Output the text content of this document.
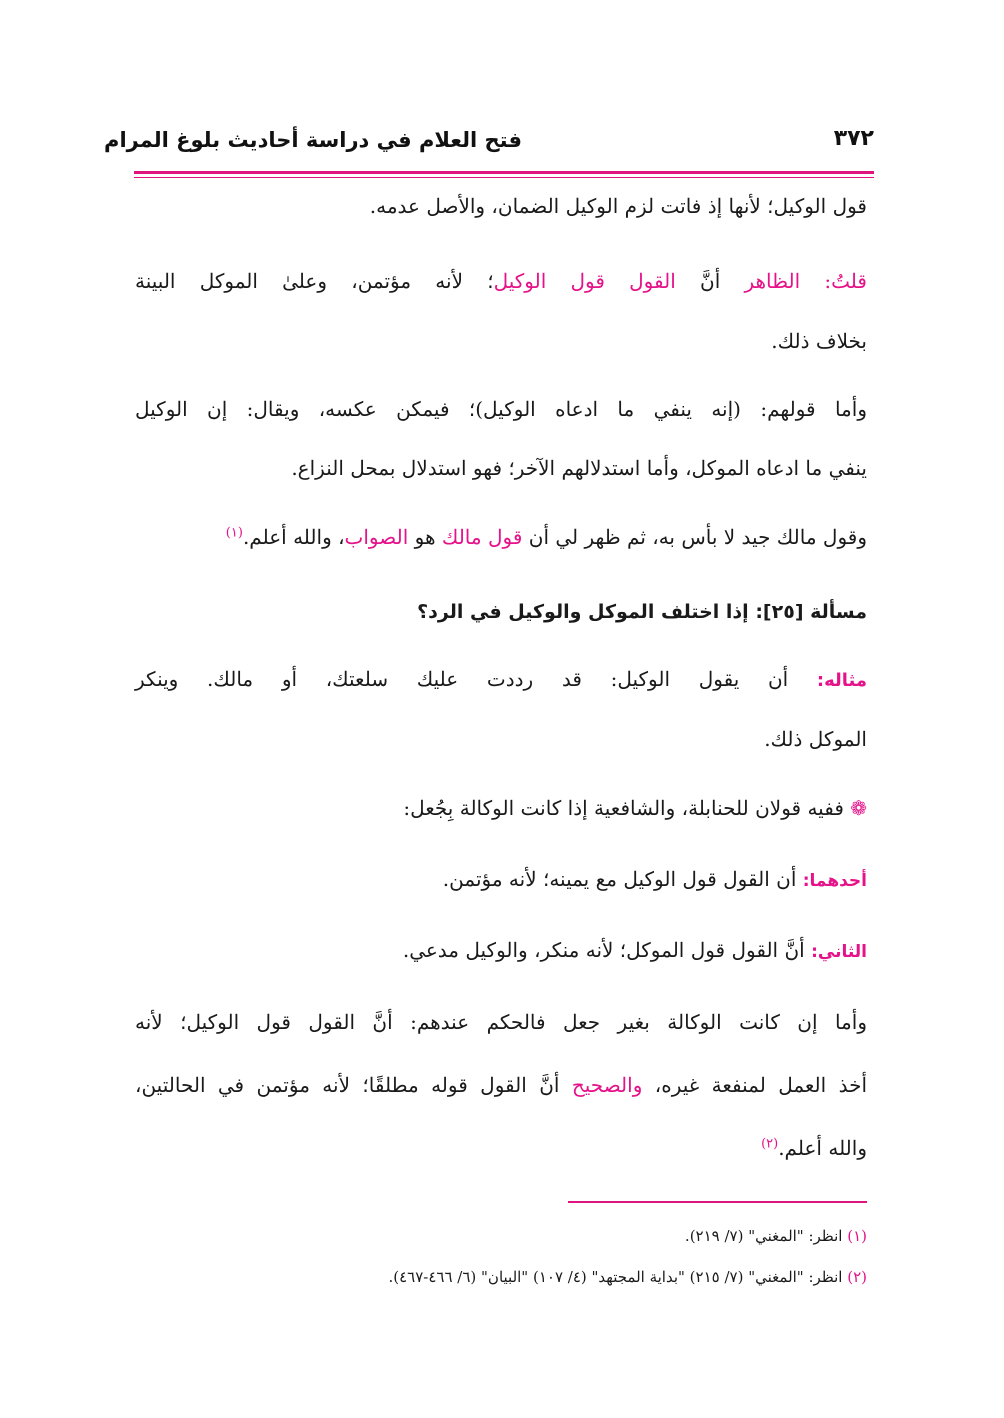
٣٧٢
فتح العلام في دراسة أحاديث بلوغ المرام
قول الوكيل؛ لأنها إذ فاتت لزم الوكيل الضمان، والأصل عدمه.
قلتُ: الظاهر أنَّ القول قول الوكيل؛ لأنه مؤتمن، وعلىٰ الموكل البينة
بخلاف ذلك.
وأما قولهم: (إنه ينفي ما ادعاه الوكيل)؛ فيمكن عكسه، ويقال: إن الوكيل
ينفي ما ادعاه الموكل، وأما استدلالهم الآخر؛ فهو استدلال بمحل النزاع.
وقول مالك جيد لا بأس به، ثم ظهر لي أن قول مالك هو الصواب، والله أعلم.$^{(١)}$
مسألة [٢٥]: إذا اختلف الموكل والوكيل في الرد؟
مثاله: أن يقول الوكيل: قد رددت عليك سلعتك، أو مالك. وينكر
الموكل ذلك.
❁ ففيه قولان للحنابلة، والشافعية إذا كانت الوكالة بِجُعل:
أحدهما: أن القول قول الوكيل مع يمينه؛ لأنه مؤتمن.
الثاني: أنَّ القول قول الموكل؛ لأنه منكر، والوكيل مدعي.
وأما إن كانت الوكالة بغير جعل فالحكم عندهم: أنَّ القول قول الوكيل؛ لأنه
أخذ العمل لمنفعة غيره، والصحيح أنَّ القول قوله مطلقًا؛ لأنه مؤتمن في الحالتين،
والله أعلم.$^{(٢)}$
(١) انظر: "المغني" (٧/ ٢١٩).
(٢) انظر: "المغني" (٧/ ٢١٥) "بداية المجتهد" (٤/ ١٠٧) "البيان" (٦/ ٤٦٦-٤٦٧).
